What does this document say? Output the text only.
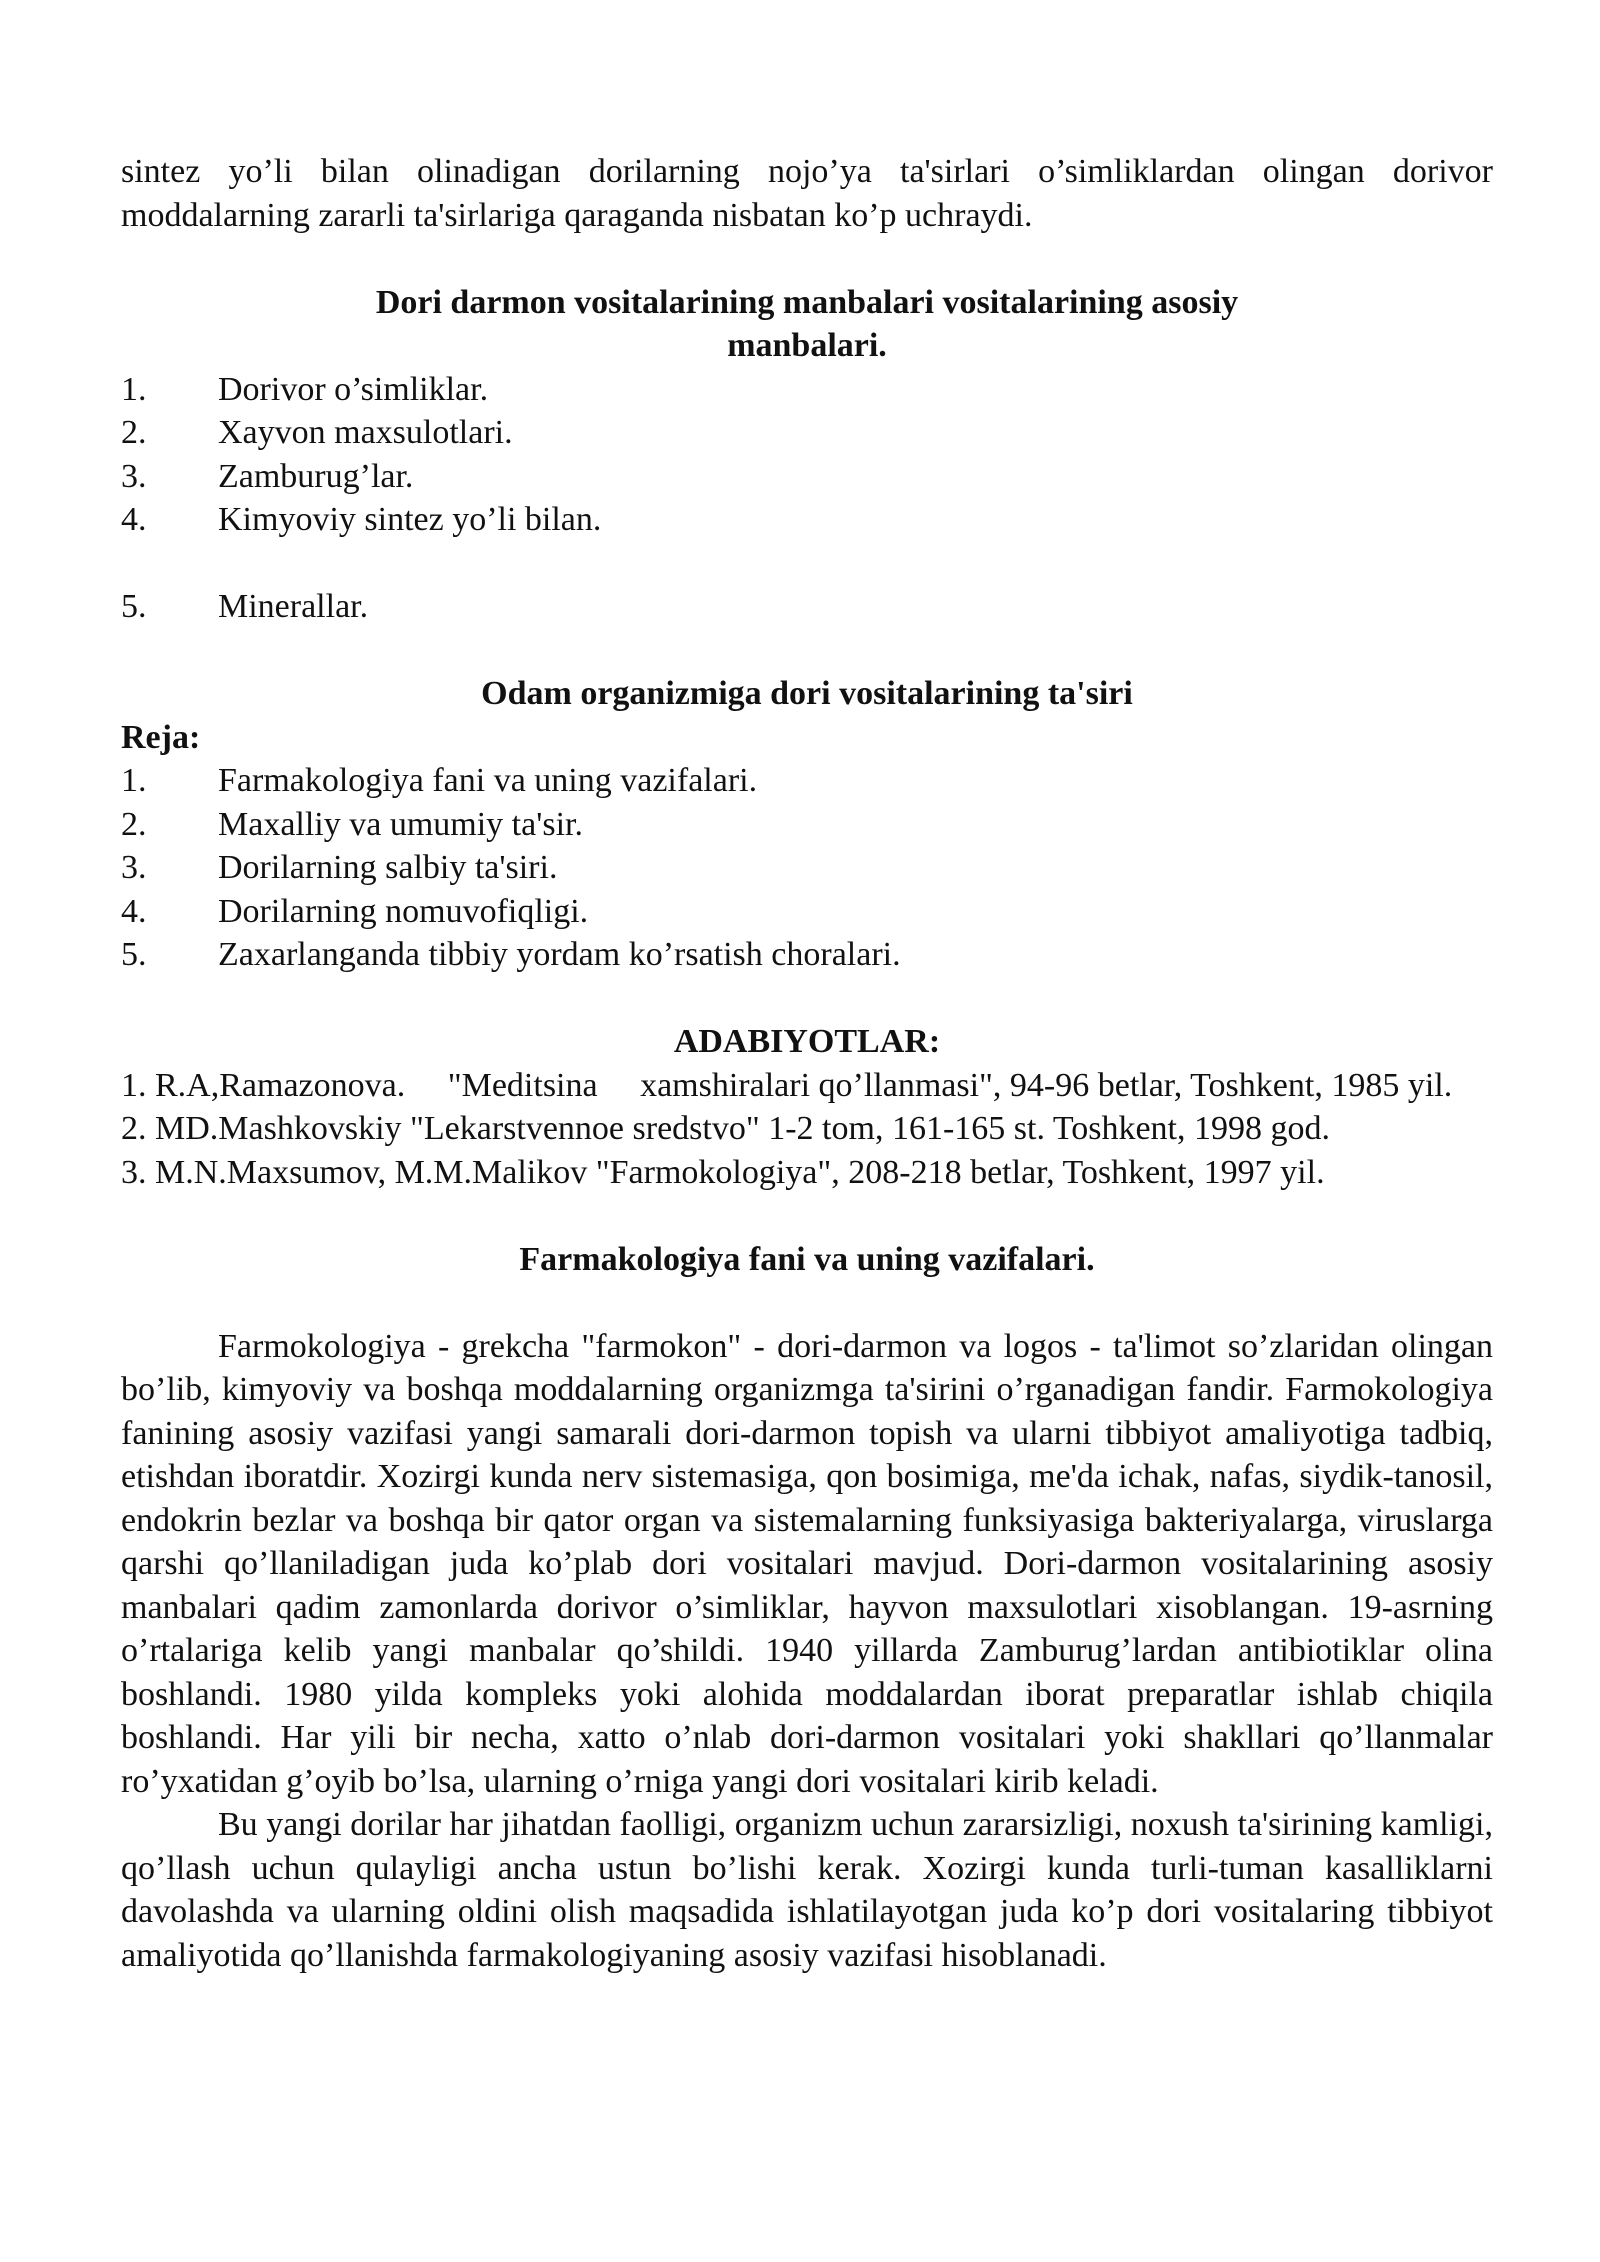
sintez yo’li bilan olinadigan dorilarning nojo’ya ta'sirlari o’simliklardan olingan dorivor moddalarning zararli ta'sirlariga qaraganda nisbatan ko’p uchraydi.

Dori darmon vositalarining manbalari vositalarining asosiy

manbalari.

1.	Dorivor o’simliklar.
2.	Xayvon maxsulotlari.
3.	Zamburug’lar.
4.	Kimyoviy sintez yo’li bilan.
5.	Minerallar.

Odam organizmiga dori vositalarining ta'siri

Reja:

1.	Farmakologiya fani va uning vazifalari.
2.	Maxalliy va umumiy ta'sir.
3.	Dorilarning salbiy ta'siri.
4.	Dorilarning nomuvofiqligi.
5.	Zaxarlanganda tibbiy yordam ko’rsatish choralari.

ADABIYOTLAR:

1. R.A,Ramazonova.     "Meditsina     xamshiralari qo’llanmasi", 94-96 betlar, Toshkent, 1985 yil.

2. MD.Mashkovskiy "Lekarstvennoe sredstvo" 1-2 tom, 161-165 st. Toshkent, 1998 god.

3. M.N.Maxsumov, M.M.Malikov "Farmokologiya", 208-218 betlar, Toshkent, 1997 yil.

Farmakologiya fani va uning vazifalari.

Farmokologiya - grekcha "farmokon" - dori-darmon va logos - ta'limot so’zlaridan olingan bo’lib, kimyoviy va boshqa moddalarning organizmga ta'sirini o’rganadigan fandir. Farmokologiya fanining asosiy vazifasi yangi samarali dori-darmon topish va ularni tibbiyot amaliyotiga tadbiq, etishdan iboratdir. Xozirgi kunda nerv sistemasiga, qon bosimiga, me'da ichak, nafas, siydik-tanosil, endokrin bezlar va boshqa bir qator organ va sistemalarning funksiyasiga bakteriyalarga, viruslarga qarshi qo’llaniladigan juda ko’plab dori vositalari mavjud. Dori-darmon vositalarining asosiy manbalari qadim zamonlarda dorivor o’simliklar, hayvon maxsulotlari xisoblangan. 19-asrning o’rtalariga kelib yangi manbalar qo’shildi. 1940 yillarda Zamburug’lardan antibiotiklar olina boshlandi. 1980 yilda kompleks yoki alohida moddalardan iborat preparatlar ishlab chiqila boshlandi. Har yili bir necha, xatto o’nlab dori-darmon vositalari yoki shakllari qo’llanmalar ro’yxatidan g’oyib bo’lsa, ularning o’rniga yangi dori vositalari kirib keladi.

Bu yangi dorilar har jihatdan faolligi, organizm uchun zararsizligi, noxush ta'sirining kamligi, qo’llash uchun qulayligi ancha ustun bo’lishi kerak. Xozirgi kunda turli-tuman kasalliklarni davolashda va ularning oldini olish maqsadida ishlatilayotgan juda ko’p dori vositalaring tibbiyot amaliyotida qo’llanishda farmakologiyaning asosiy vazifasi hisoblanadi.
